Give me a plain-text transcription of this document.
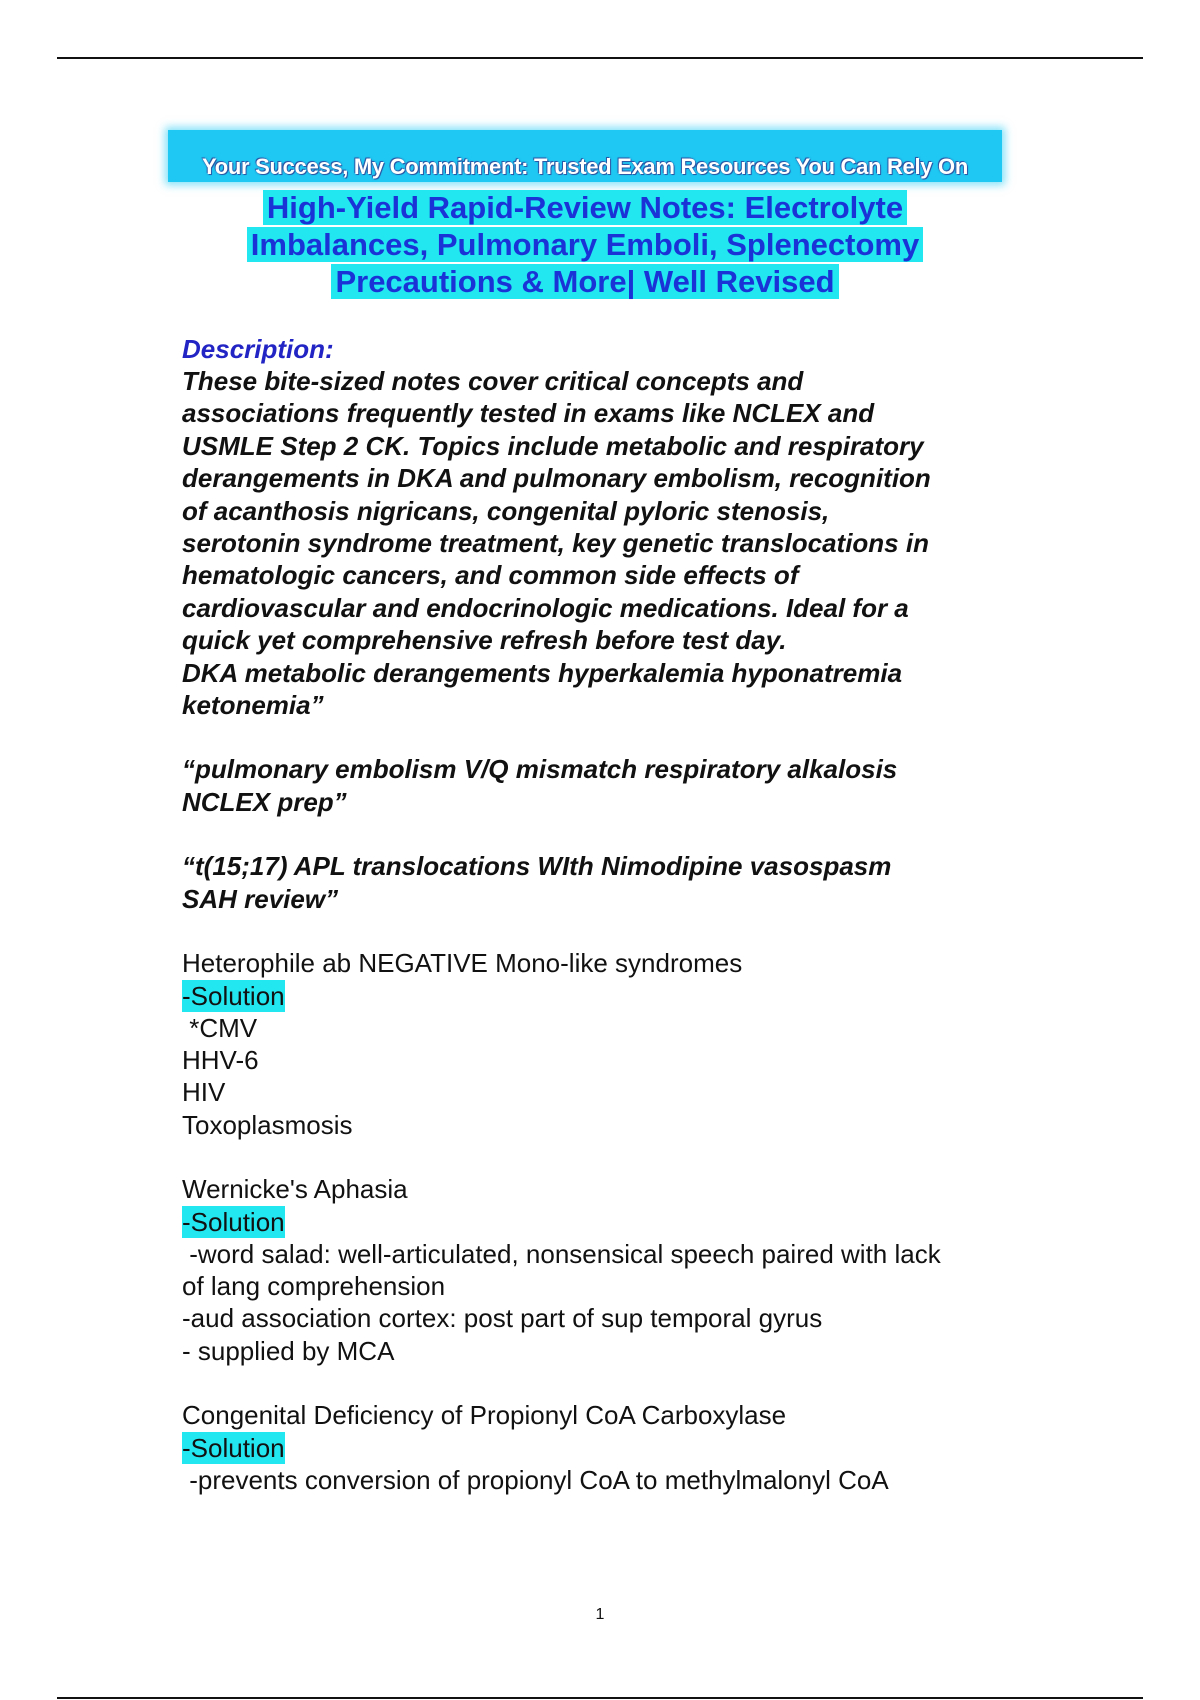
Your Success, My Commitment: Trusted Exam Resources You Can Rely On
High-Yield Rapid-Review Notes: Electrolyte
Imbalances, Pulmonary Emboli, Splenectomy
Precautions & More| Well Revised
Description:

These bite-sized notes cover critical concepts and

associations frequently tested in exams like NCLEX and

USMLE Step 2 CK. Topics include metabolic and respiratory

derangements in DKA and pulmonary embolism, recognition

of acanthosis nigricans, congenital pyloric stenosis,

serotonin syndrome treatment, key genetic translocations in

hematologic cancers, and common side effects of

cardiovascular and endocrinologic medications. Ideal for a

quick yet comprehensive refresh before test day.

DKA metabolic derangements hyperkalemia hyponatremia

ketonemia”

“pulmonary embolism V/Q mismatch respiratory alkalosis

NCLEX prep”

“t(15;17) APL translocations WIth Nimodipine vasospasm

SAH review”

Heterophile ab NEGATIVE Mono-like syndromes

-Solution

*CMV

HHV-6

HIV

Toxoplasmosis

Wernicke's Aphasia

-Solution

-word salad: well-articulated, nonsensical speech paired with lack

of lang comprehension

-aud association cortex: post part of sup temporal gyrus

- supplied by MCA

Congenital Deficiency of Propionyl CoA Carboxylase

-Solution

-prevents conversion of propionyl CoA to methylmalonyl CoA

1
